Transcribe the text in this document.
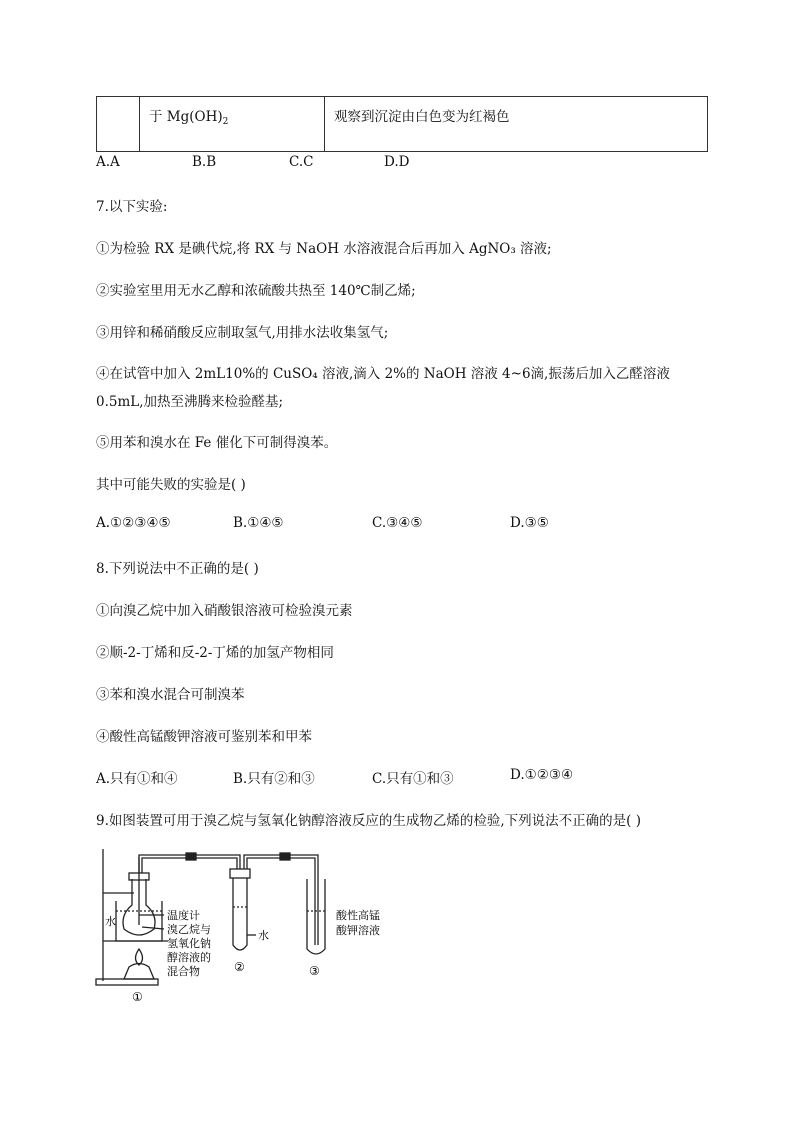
于 $Mg(OH)_2$	观察到沉淀由白色变为红褐色
A.A	B.B	C.C	D.D
7.以下实验:
①为检验 RX 是碘代烷,将 RX 与 NaOH 水溶液混合后再加入 AgNO₃ 溶液;
②实验室里用无水乙醇和浓硫酸共热至 140℃制乙烯;
③用锌和稀硝酸反应制取氢气,用排水法收集氢气;
④在试管中加入 2mL10%的 CuSO₄ 溶液,滴入 2%的 NaOH 溶液 4~6滴,振荡后加入乙醛溶液
0.5mL,加热至沸腾来检验醛基;
⑤用苯和溴水在 Fe 催化下可制得溴苯。
其中可能失败的实验是( )
A.①②③④⑤	B.①④⑤	C.③④⑤	D.③⑤
8.下列说法中不正确的是( )
①向溴乙烷中加入硝酸银溶液可检验溴元素
②顺-2-丁烯和反-2-丁烯的加氢产物相同
③苯和溴水混合可制溴苯
④酸性高锰酸钾溶液可鉴别苯和甲苯
A.只有①和④	B.只有②和③	C.只有①和③	D.①②③④
9.如图装置可用于溴乙烷与氢氧化钠醇溶液反应的生成物乙烯的检验,下列说法不正确的是( )
水	温度计
溴乙烷与
氢氧化钠
醇溶液的
混合物
水
酸性高锰
酸钾溶液
①
②	③
